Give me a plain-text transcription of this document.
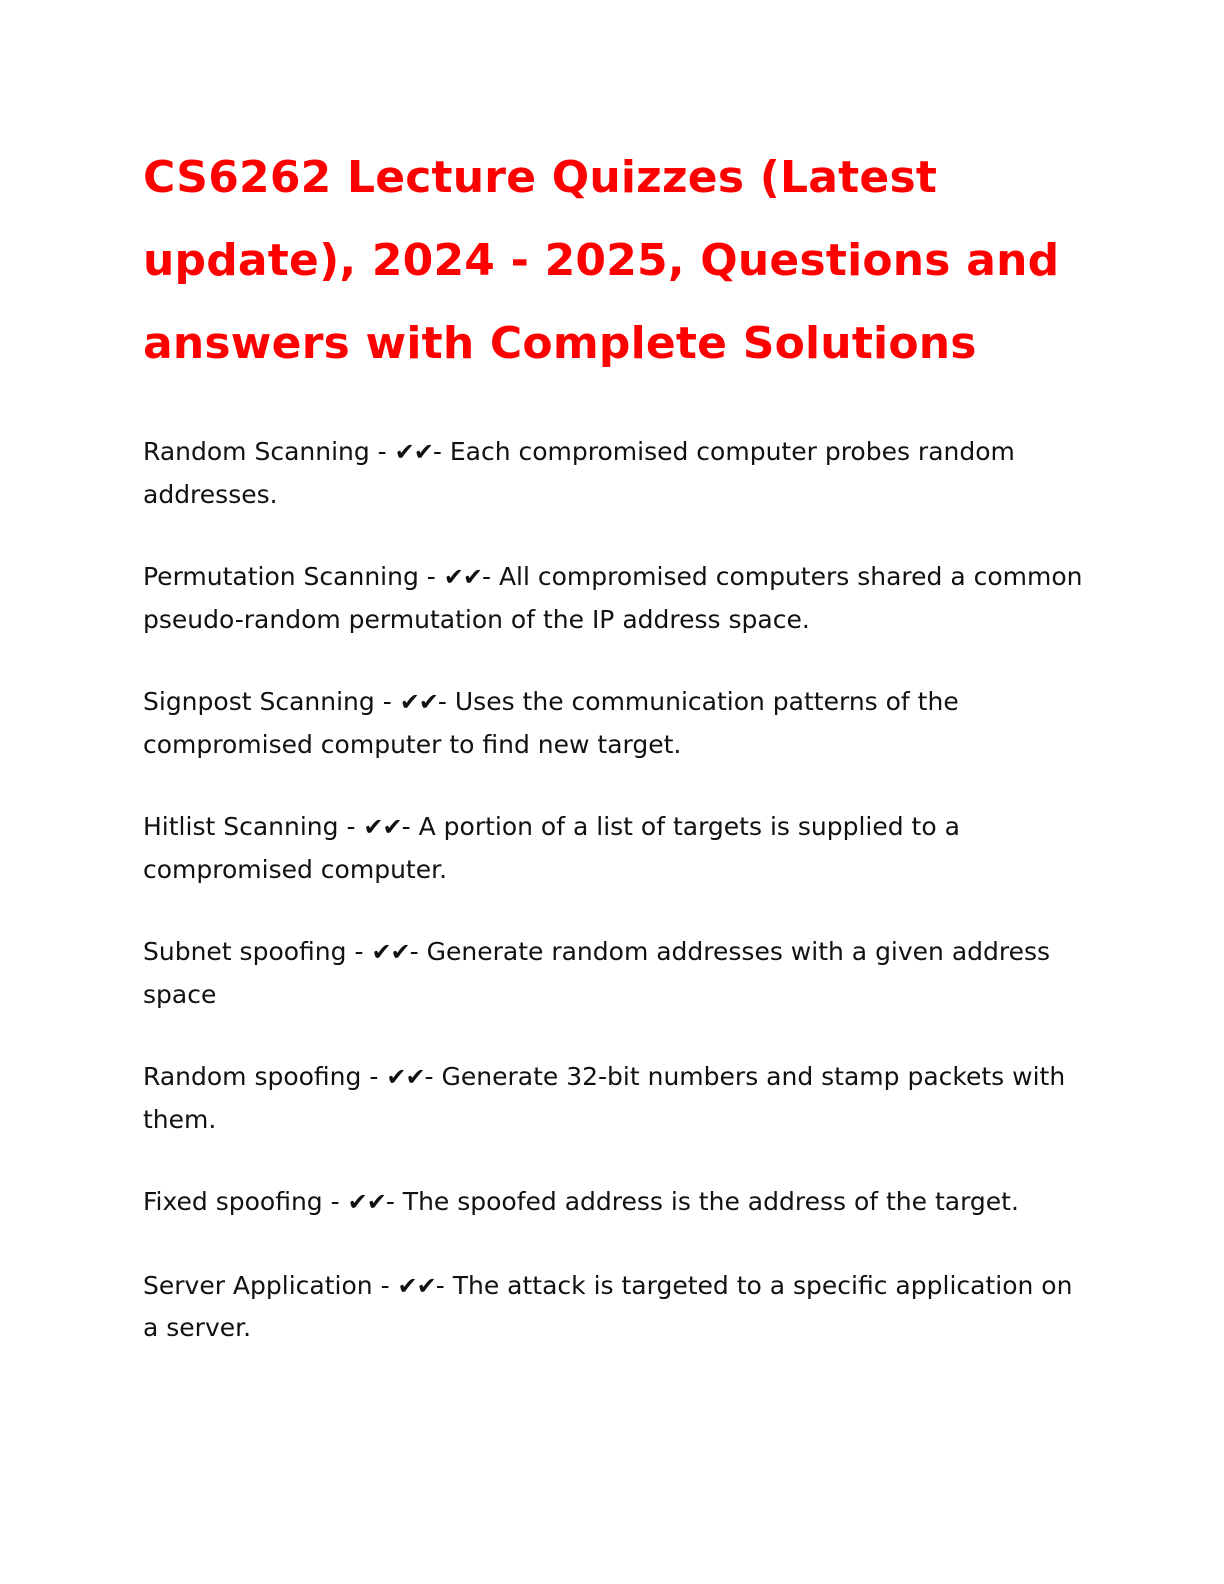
CS6262 Lecture Quizzes (Latest update), 2024 - 2025, Questions and answers with Complete Solutions

Random Scanning - ✔✔- Each compromised computer probes random addresses.

Permutation Scanning - ✔✔- All compromised computers shared a common pseudo-random permutation of the IP address space.

Signpost Scanning - ✔✔- Uses the communication patterns of the compromised computer to find new target.

Hitlist Scanning - ✔✔- A portion of a list of targets is supplied to a compromised computer.

Subnet spoofing - ✔✔- Generate random addresses with a given address space

Random spoofing - ✔✔- Generate 32-bit numbers and stamp packets with them.

Fixed spoofing - ✔✔- The spoofed address is the address of the target.

Server Application - ✔✔- The attack is targeted to a specific application on a server.
